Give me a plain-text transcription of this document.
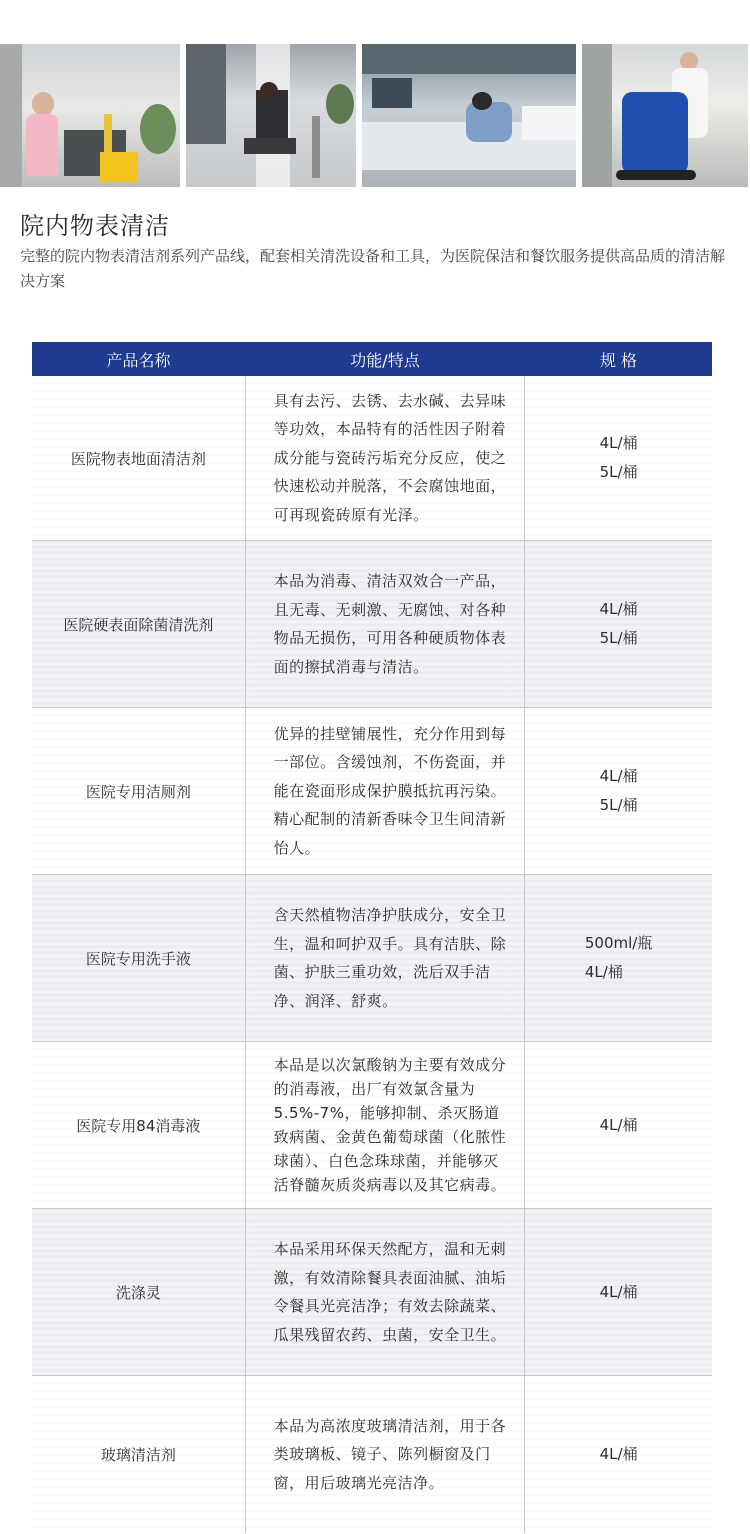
院内物表清洁
完整的院内物表清洁剂系列产品线，配套相关清洗设备和工具，为医院保洁和餐饮服务提供高品质的清洁解决方案
产品名称	功能/特点	规 格
医院物表地面清洁剂
具有去污、去锈、去水碱、去异味等功效，本品特有的活性因子附着成分能与瓷砖污垢充分反应，使之快速松动并脱落，不会腐蚀地面，可再现瓷砖原有光泽。
4L/桶
5L/桶
医院硬表面除菌清洗剂
本品为消毒、清洁双效合一产品，且无毒、无刺激、无腐蚀、对各种物品无损伤，可用各种硬质物体表面的擦拭消毒与清洁。
4L/桶
5L/桶
医院专用洁厕剂
优异的挂壁铺展性，充分作用到每一部位。含缓蚀剂，不伤瓷面，并能在瓷面形成保护膜抵抗再污染。精心配制的清新香味令卫生间清新怡人。
4L/桶
5L/桶
医院专用洗手液
含天然植物洁净护肤成分，安全卫生，温和呵护双手。具有洁肤、除菌、护肤三重功效，洗后双手洁净、润泽、舒爽。
500ml/瓶
4L/桶
医院专用84消毒液
本品是以次氯酸钠为主要有效成分的消毒液，出厂有效氯含量为5.5%-7%，能够抑制、杀灭肠道致病菌、金黄色葡萄球菌（化脓性球菌）、白色念珠球菌，并能够灭活脊髓灰质炎病毒以及其它病毒。
4L/桶
洗涤灵
本品采用环保天然配方，温和无刺激，有效清除餐具表面油腻、油垢令餐具光亮洁净；有效去除蔬菜、瓜果残留农药、虫菌，安全卫生。
4L/桶
玻璃清洁剂
本品为高浓度玻璃清洁剂，用于各类玻璃板、镜子、陈列橱窗及门窗，用后玻璃光亮洁净。
4L/桶
